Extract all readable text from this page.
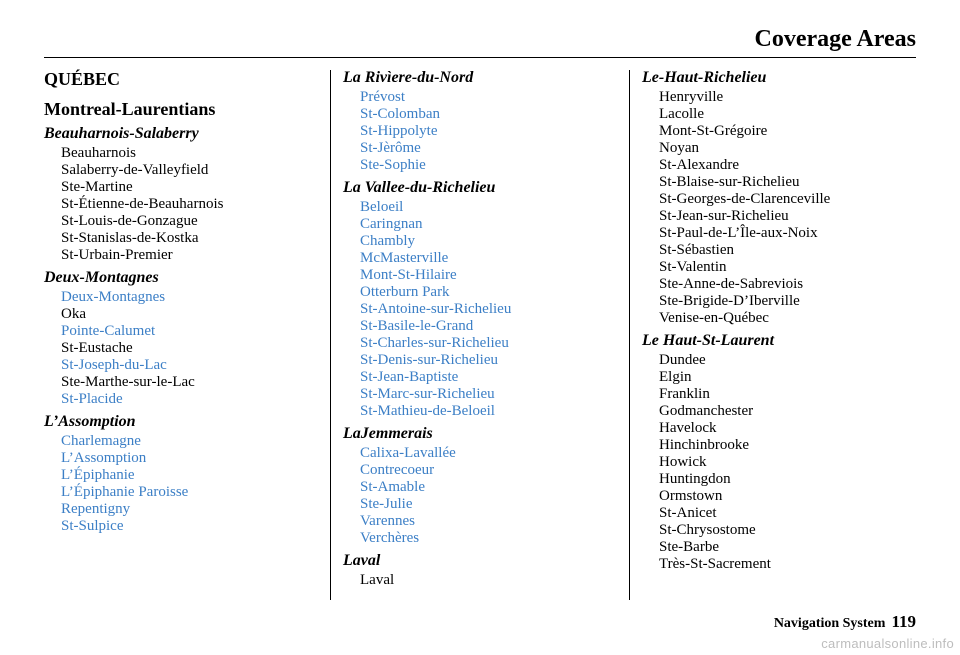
Coverage Areas
QUÉBEC
Montreal-Laurentians
Beauharnois-Salaberry
Beauharnois
Salaberry-de-Valleyfield
Ste-Martine
St-Étienne-de-Beauharnois
St-Louis-de-Gonzague
St-Stanislas-de-Kostka
St-Urbain-Premier
Deux-Montagnes
Deux-Montagnes
Oka
Pointe-Calumet
St-Eustache
St-Joseph-du-Lac
Ste-Marthe-sur-le-Lac
St-Placide
L’Assomption
Charlemagne
L’Assomption
L’Épiphanie
L’Épiphanie Paroisse
Repentigny
St-Sulpice
La Rivìere-du-Nord
Prévost
St-Colomban
St-Hippolyte
St-Jèrôme
Ste-Sophie
La Vallee-du-Richelieu
Beloeil
Caringnan
Chambly
McMasterville
Mont-St-Hilaire
Otterburn Park
St-Antoine-sur-Richelieu
St-Basile-le-Grand
St-Charles-sur-Richelieu
St-Denis-sur-Richelieu
St-Jean-Baptiste
St-Marc-sur-Richelieu
St-Mathieu-de-Beloeil
LaJemmerais
Calixa-Lavallée
Contrecoeur
St-Amable
Ste-Julie
Varennes
Verchères
Laval
Laval
Le-Haut-Richelieu
Henryville
Lacolle
Mont-St-Grégoire
Noyan
St-Alexandre
St-Blaise-sur-Richelieu
St-Georges-de-Clarenceville
St-Jean-sur-Richelieu
St-Paul-de-L’Île-aux-Noix
St-Sébastien
St-Valentin
Ste-Anne-de-Sabreviois
Ste-Brigide-D’Iberville
Venise-en-Québec
Le Haut-St-Laurent
Dundee
Elgin
Franklin
Godmanchester
Havelock
Hinchinbrooke
Howick
Huntingdon
Ormstown
St-Anicet
St-Chrysostome
Ste-Barbe
Très-St-Sacrement
Navigation System 119
carmanualsonline.info
